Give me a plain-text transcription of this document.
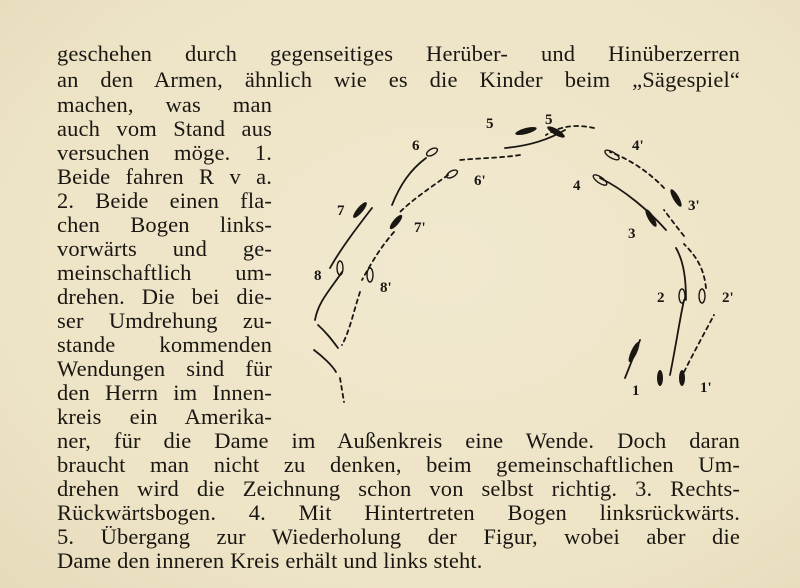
geschehen durch gegenseitiges Herüber- und Hinüberzerren
an den Armen, ähnlich wie es die Kinder beim „Sägespiel“
machen, was man
auch vom Stand aus
versuchen möge. 1.
Beide fahren R v a.
2. Beide einen fla-
chen Bogen links-
vorwärts und ge-
meinschaftlich um-
drehen. Die bei die-
ser Umdrehung zu-
stande kommenden
Wendungen sind für
den Herrn im Innen-
kreis ein Amerika-
ner, für die Dame im Außenkreis eine Wende. Doch daran
braucht man nicht zu denken, beim gemeinschaftlichen Um-
drehen wird die Zeichnung schon von selbst richtig. 3. Rechts-
Rückwärtsbogen. 4. Mit Hintertreten Bogen linksrückwärts.
5. Übergang zur Wiederholung der Figur, wobei aber die
Dame den inneren Kreis erhält und links steht.
1	1'
2	2'
3
3'
4
4'
5	5
6
6'
7
7'
8
8'
